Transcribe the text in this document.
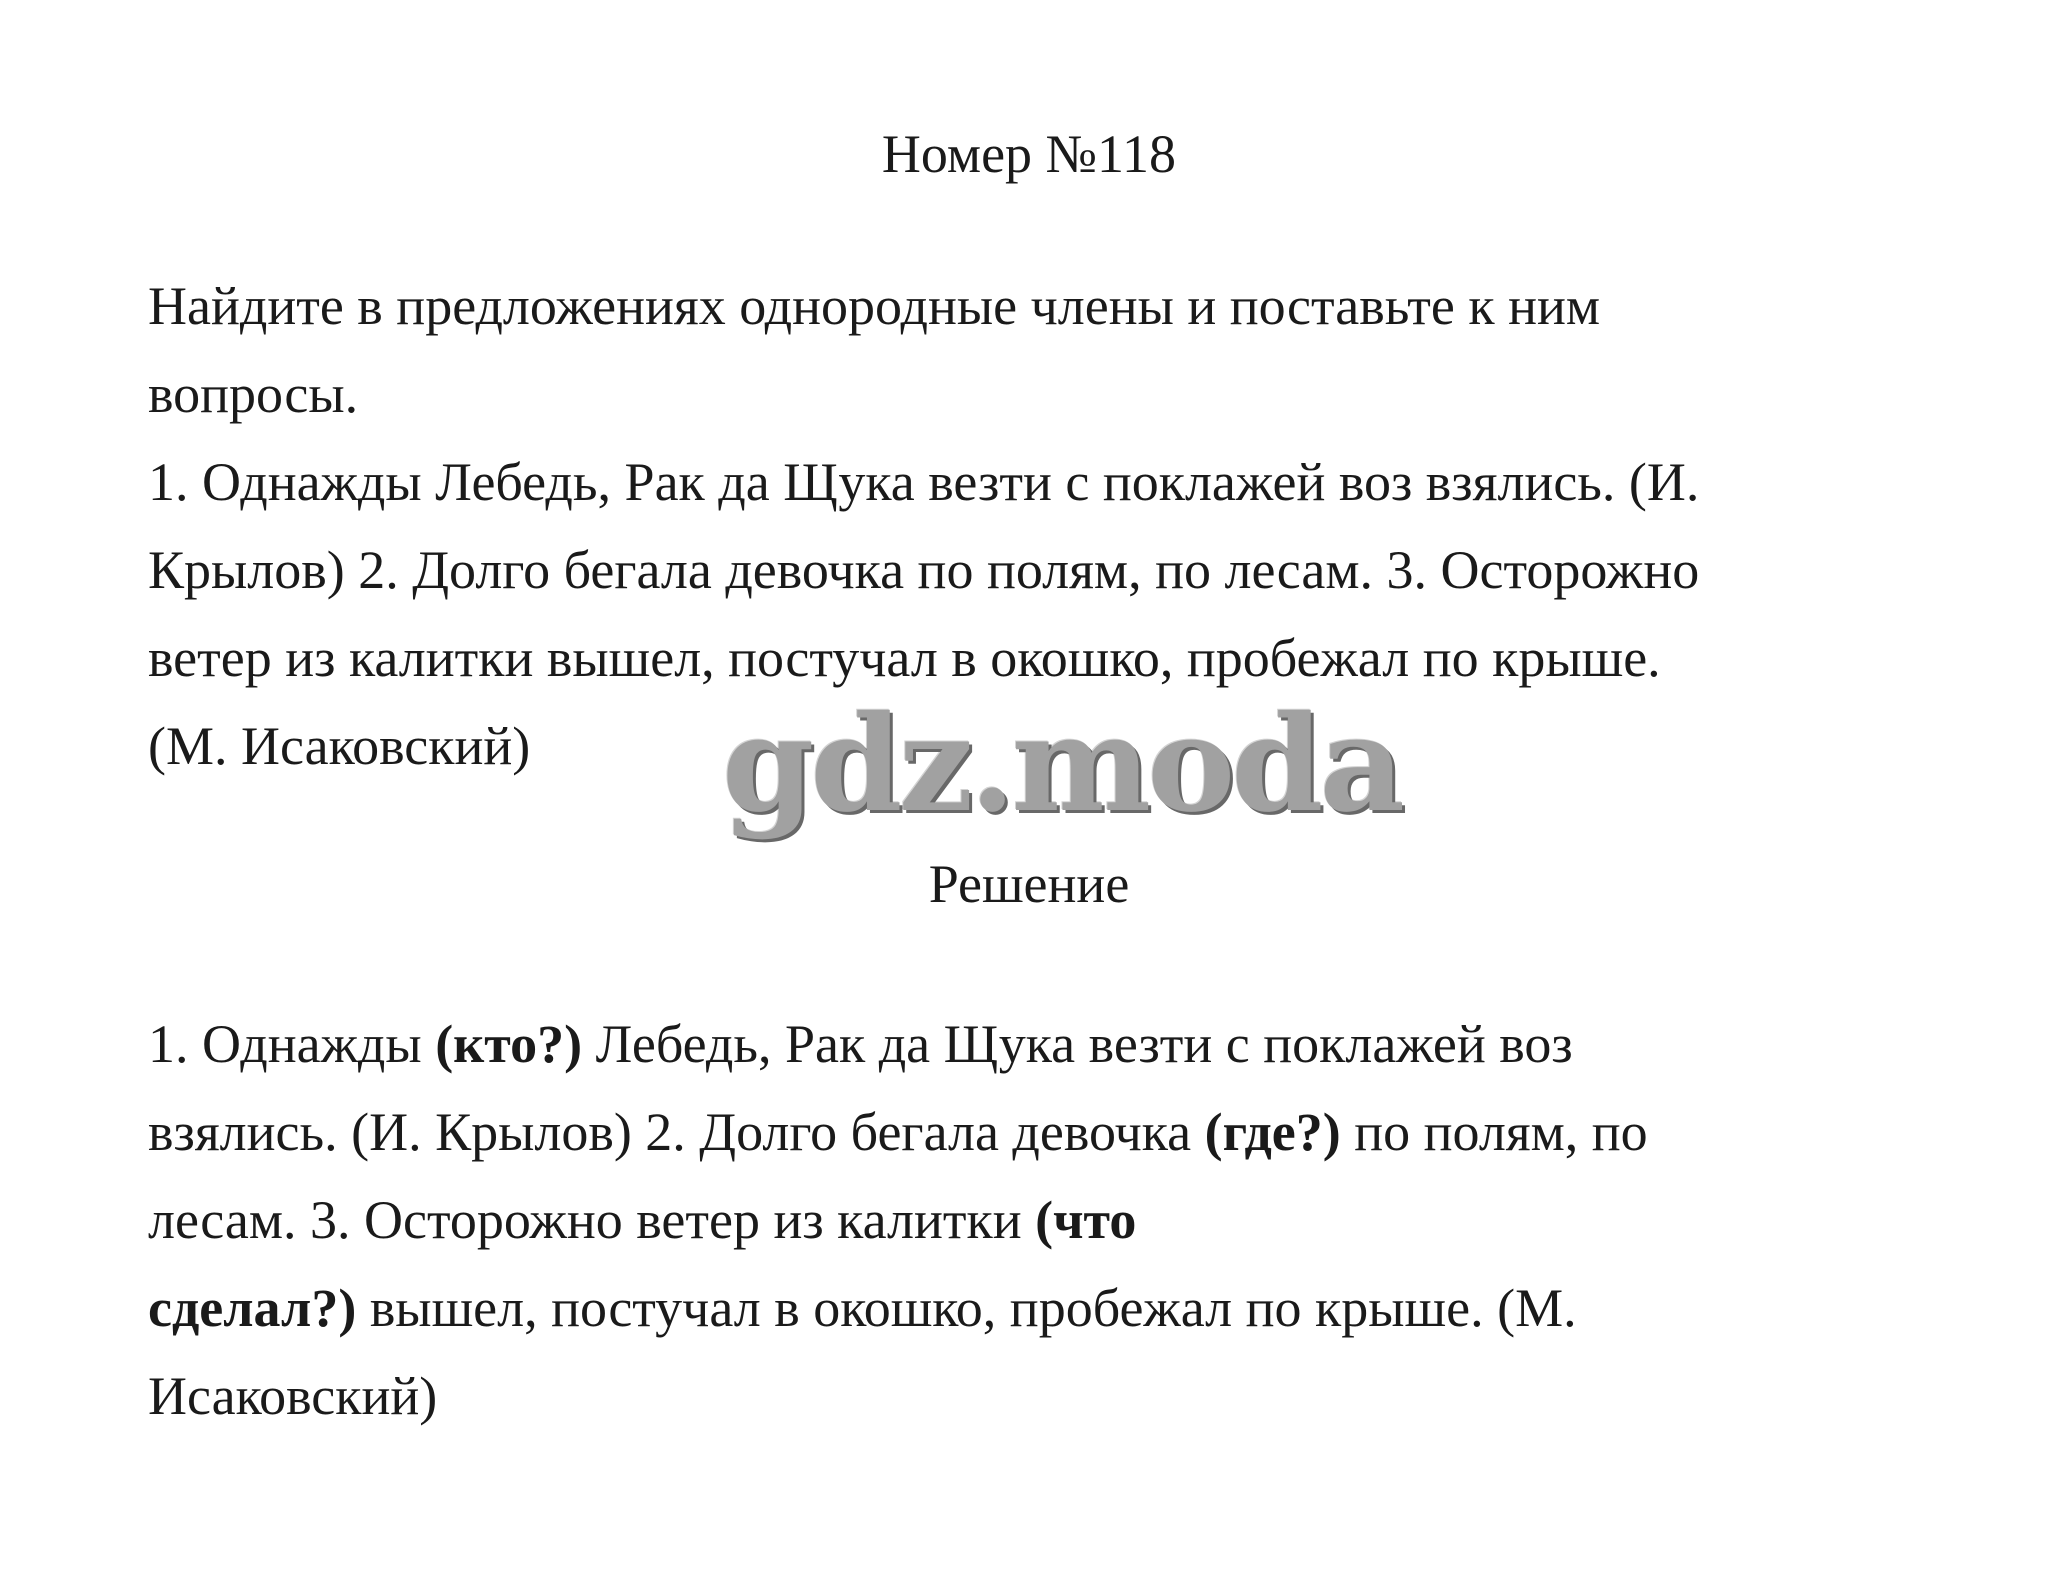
Номер №118
Найдите в предложениях однородные члены и поставьте к ним
вопросы.
1. Однажды Лебедь, Рак да Щука везти с поклажей воз взялись. (И.
Крылов) 2. Долго бегала девочка по полям, по лесам. 3. Осторожно
ветер из калитки вышел, постучал в окошко, пробежал по крыше.
(М. Исаковский)	gdz.moda
Решение
1. Однажды (кто?) Лебедь, Рак да Щука везти с поклажей воз
взялись. (И. Крылов) 2. Долго бегала девочка (где?) по полям, по
лесам. 3. Осторожно ветер из калитки (что
сделал?) вышел, постучал в окошко, пробежал по крыше. (М.
Исаковский)
